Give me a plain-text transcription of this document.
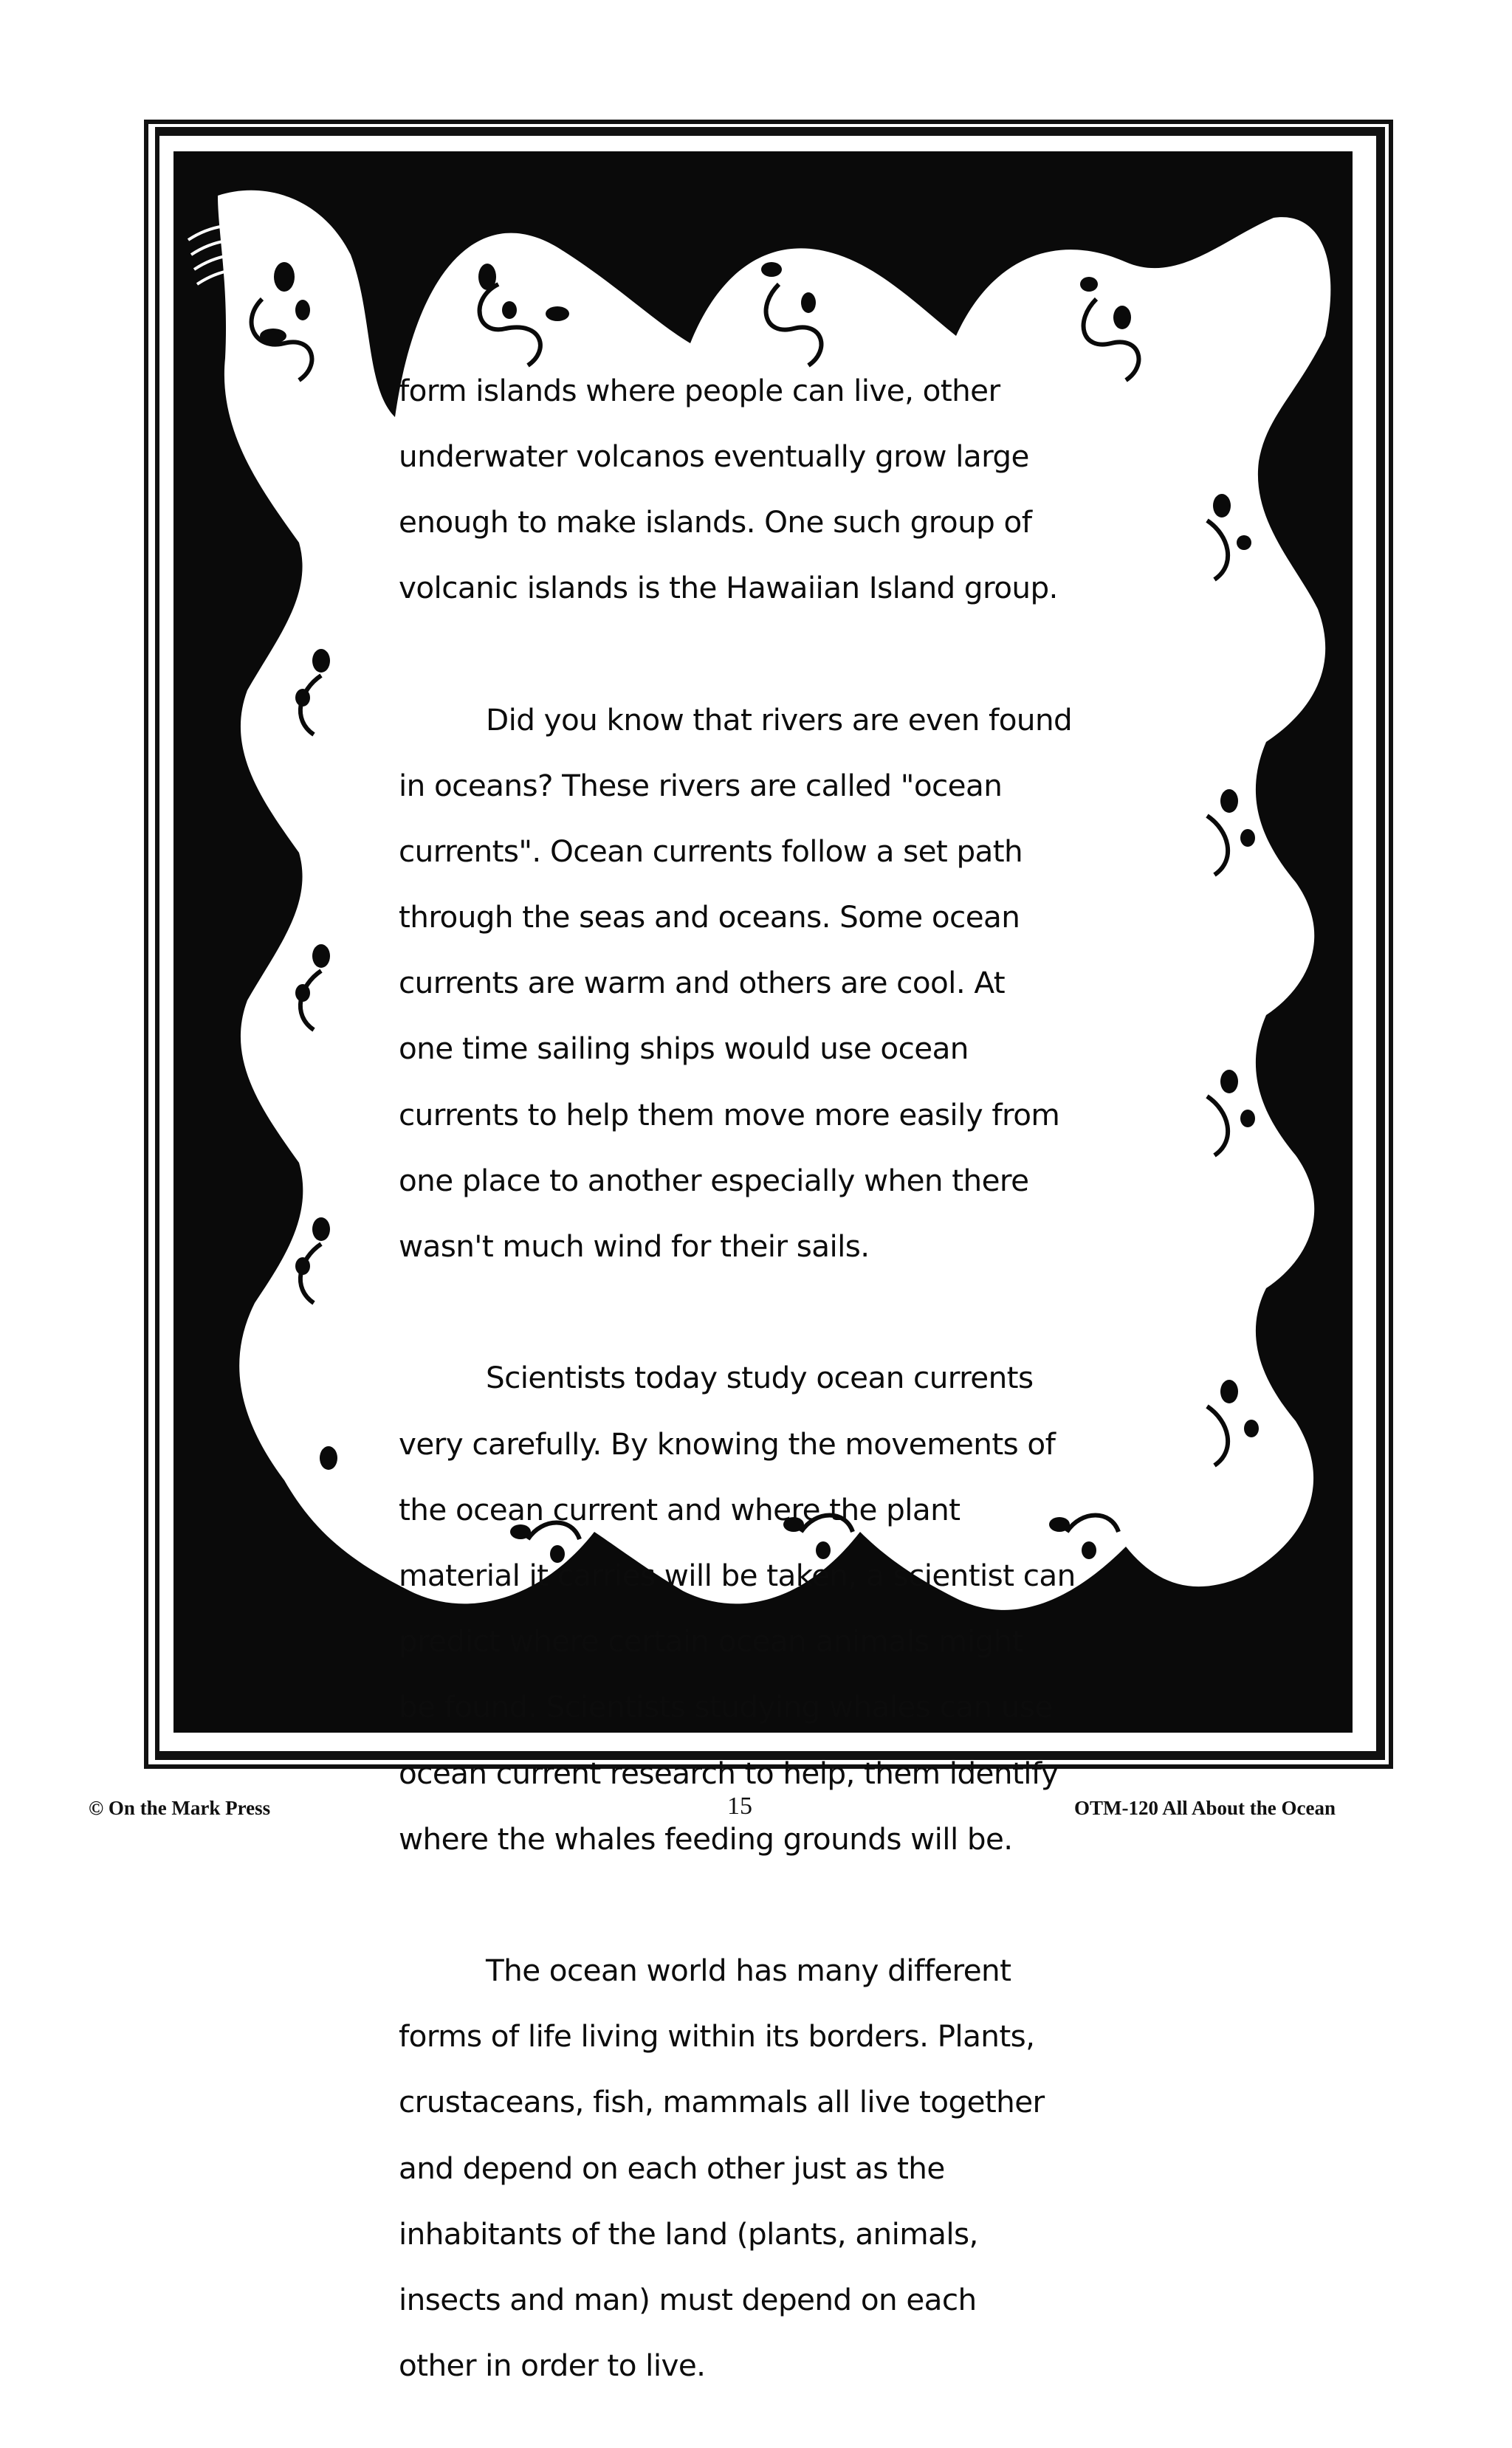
form islands where people can live, other

underwater volcanos eventually grow large

enough to make islands. One such group of

volcanic islands is the Hawaiian Island group.

Did you know that rivers are even found

in oceans? These rivers are called "ocean

currents". Ocean currents follow a set path

through the seas and oceans. Some ocean

currents are warm and others are cool. At

one time sailing ships would use ocean

currents to help them move more easily from

one place to another especially when there

wasn't much wind for their sails.

Scientists today study ocean currents

very carefully. By knowing the movements of

the ocean current and where the plant

material it carries will be taken, a scientist can

predict where certain ocean animals might

be found. Scientists studying whales can use

ocean current research to help, them identify

where the whales feeding grounds will be.

The ocean world has many different

forms of life living within its borders. Plants,

crustaceans, fish, mammals all live together

and depend on each other just as the

inhabitants of the land (plants, animals,

insects and man) must depend on each

other in order to live.

© On the Mark Press	15	OTM-120 All About the Ocean
